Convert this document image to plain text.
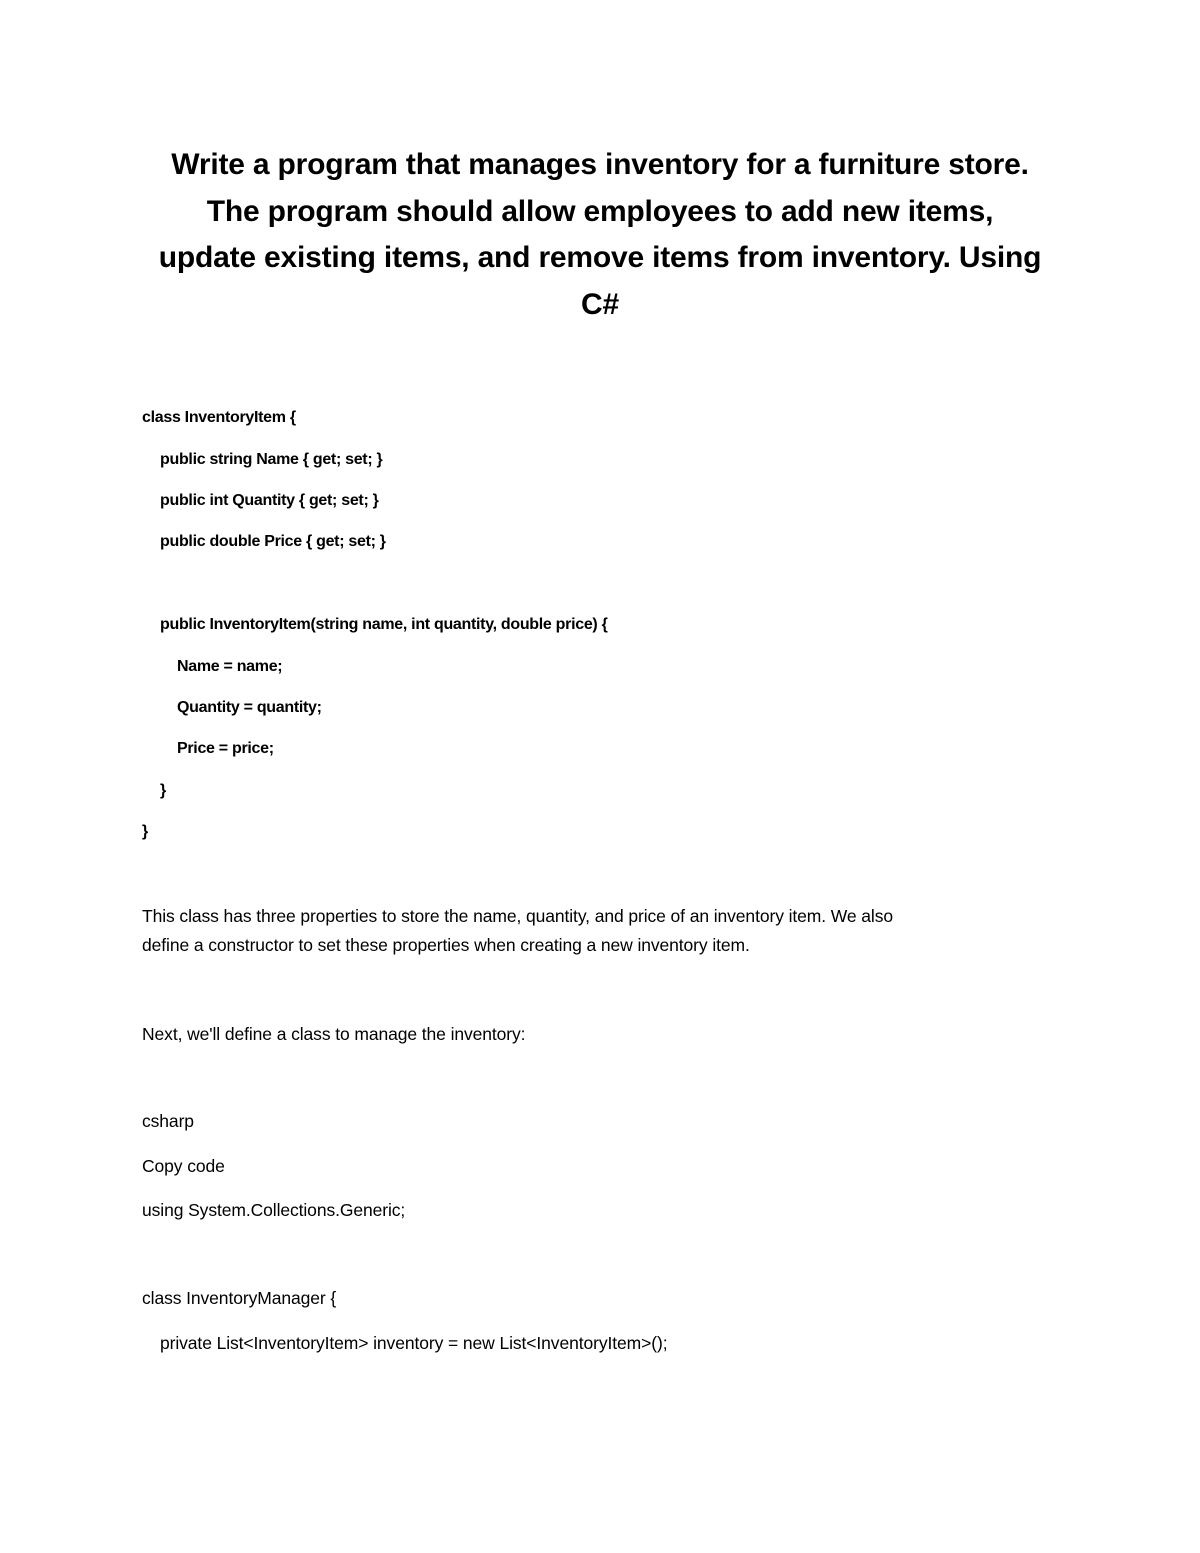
Write a program that manages inventory for a furniture store.
The program should allow employees to add new items,
update existing items, and remove items from inventory. Using
C#
class InventoryItem {
public string Name { get; set; }
public int Quantity { get; set; }
public double Price { get; set; }
public InventoryItem(string name, int quantity, double price) {
Name = name;
Quantity = quantity;
Price = price;
}
}
This class has three properties to store the name, quantity, and price of an inventory item. We also
define a constructor to set these properties when creating a new inventory item.
Next, we'll define a class to manage the inventory:
csharp
Copy code
using System.Collections.Generic;
class InventoryManager {
private List<InventoryItem> inventory = new List<InventoryItem>();
